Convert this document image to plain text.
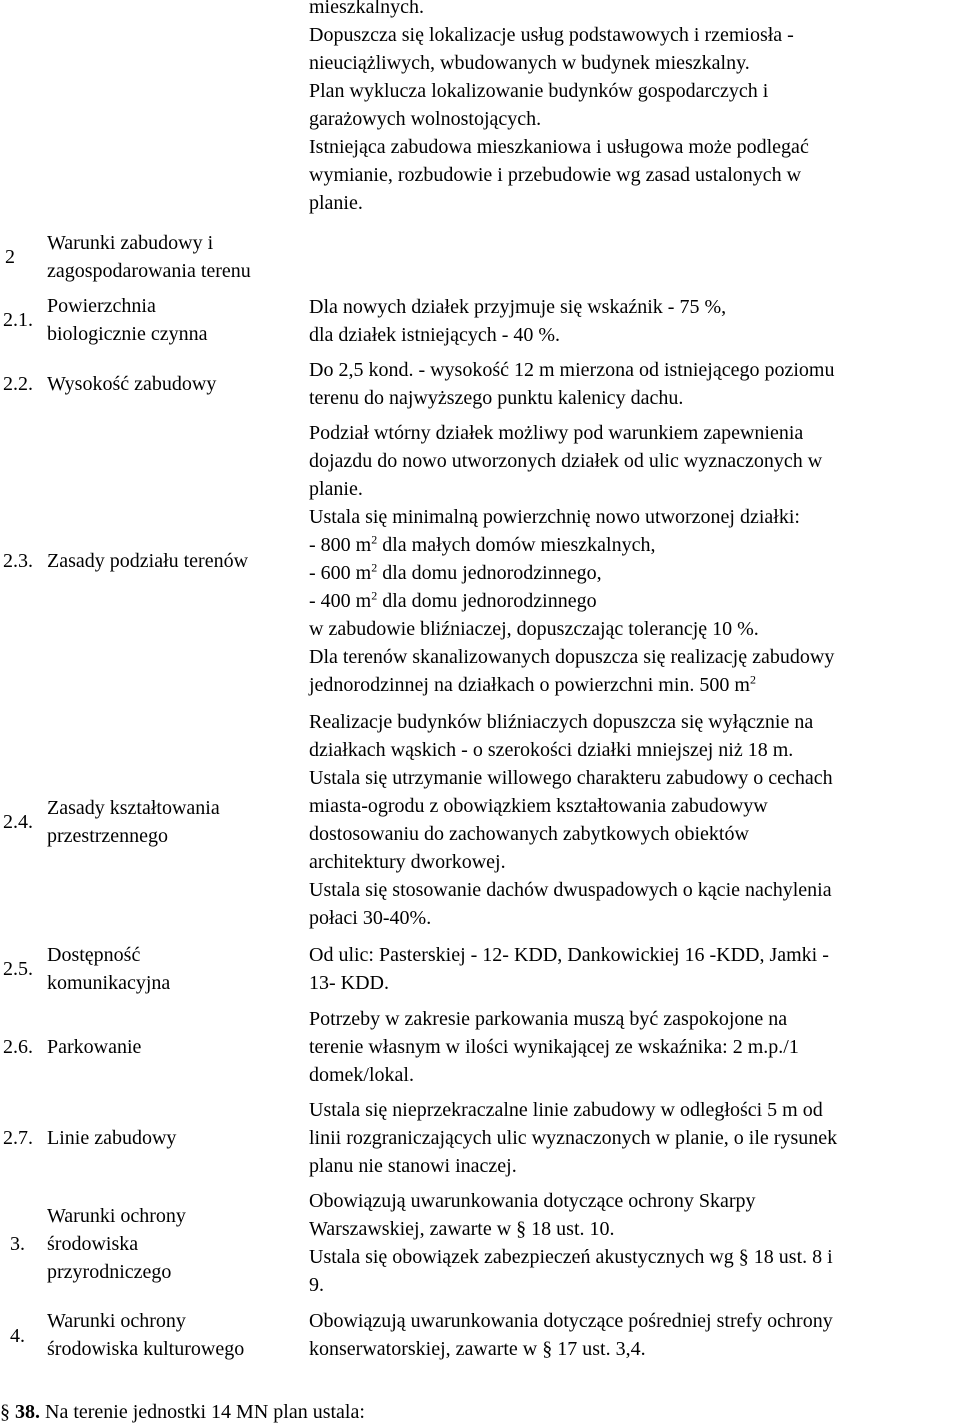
mieszkalnych.

Dopuszcza się lokalizacje usług podstawowych i rzemiosła -

nieuciążliwych, wbudowanych w budynek mieszkalny.

Plan wyklucza lokalizowanie budynków gospodarczych i

garażowych wolnostojących.

Istniejąca zabudowa mieszkaniowa i usługowa może podlegać

wymianie, rozbudowie i przebudowie wg zasad ustalonych w

planie.

2
Warunki zabudowy i
zagospodarowania terenu
2.1.
Powierzchnia
biologicznie czynna

Dla nowych działek przyjmuje się wskaźnik - 75 %,

dla działek istniejących - 40 %.

2.2. Wysokość zabudowy

Do 2,5 kond. - wysokość 12 m mierzona od istniejącego poziomu

terenu do najwyższego punktu kalenicy dachu.

2.3. Zasady podziału terenów

Podział wtórny działek możliwy pod warunkiem zapewnienia

dojazdu do nowo utworzonych działek od ulic wyznaczonych w

planie.

Ustala się minimalną powierzchnię nowo utworzonej działki:

- 800 $m^2$ dla małych domów mieszkalnych,

- 600 $m^2$ dla domu jednorodzinnego,

- 400 $m^2$ dla domu jednorodzinnego

w zabudowie bliźniaczej, dopuszczając tolerancję 10 %.

Dla terenów skanalizowanych dopuszcza się realizację zabudowy

jednorodzinnej na działkach o powierzchni min. 500 $m^2$

2.4.
Zasady kształtowania
przestrzennego

Realizacje budynków bliźniaczych dopuszcza się wyłącznie na

działkach wąskich - o szerokości działki mniejszej niż 18 m.

Ustala się utrzymanie willowego charakteru zabudowy o cechach

miasta-ogrodu z obowiązkiem kształtowania zabudowyw

dostosowaniu do zachowanych zabytkowych obiektów

architektury dworkowej.

Ustala się stosowanie dachów dwuspadowych o kącie nachylenia

połaci 30-40%.

2.5.
Dostępność
komunikacyjna

Od ulic: Pasterskiej - 12- KDD, Dankowickiej 16 -KDD, Jamki -

13- KDD.

2.6. Parkowanie

Potrzeby w zakresie parkowania muszą być zaspokojone na

terenie własnym w ilości wynikającej ze wskaźnika: 2 m.p./1

domek/lokal.

2.7. Linie zabudowy

Ustala się nieprzekraczalne linie zabudowy w odległości 5 m od

linii rozgraniczających ulic wyznaczonych w planie, o ile rysunek

planu nie stanowi inaczej.

3.
Warunki ochrony
środowiska
przyrodniczego

Obowiązują uwarunkowania dotyczące ochrony Skarpy

Warszawskiej, zawarte w § 18 ust. 10.

Ustala się obowiązek zabezpieczeń akustycznych wg § 18 ust. 8 i

9.

4.
Warunki ochrony
środowiska kulturowego

Obowiązują uwarunkowania dotyczące pośredniej strefy ochrony

konserwatorskiej, zawarte w § 17 ust. 3,4.

§ 38. Na terenie jednostki 14 MN plan ustala:
